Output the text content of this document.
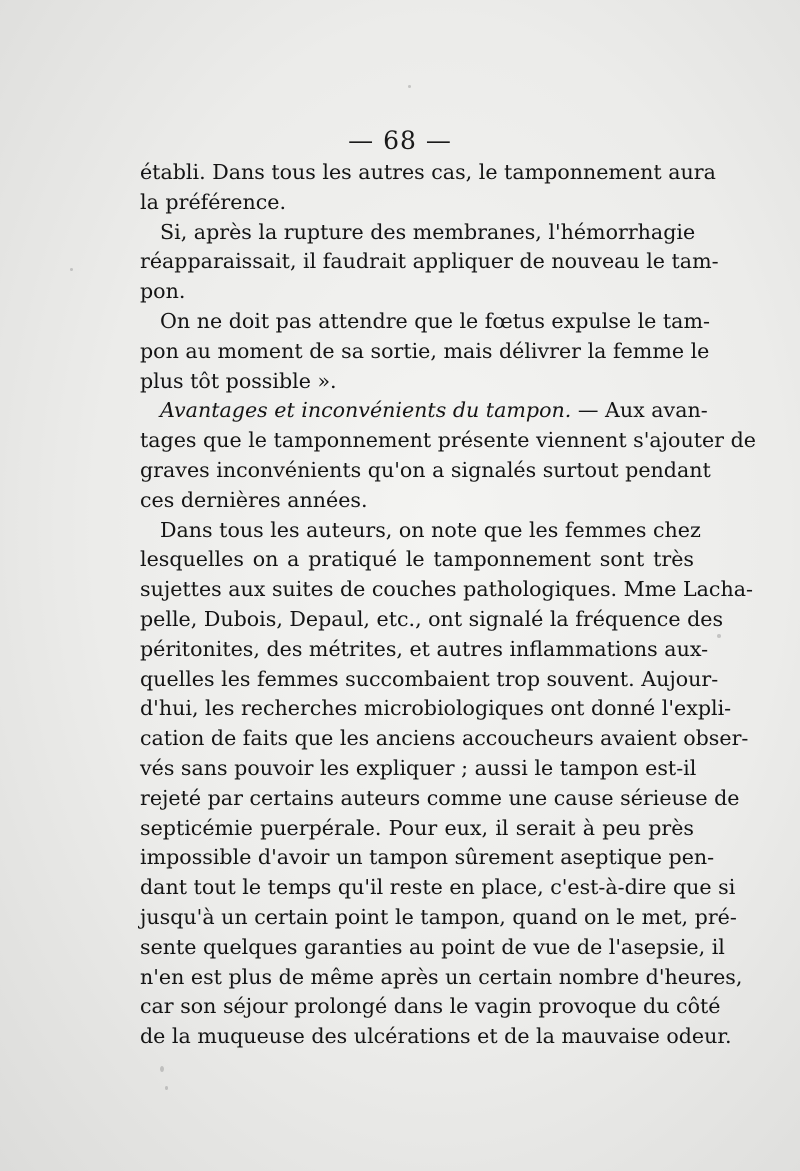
— 68 —
établi. Dans tous les autres cas, le tamponnement aura
la préférence.
Si, après la rupture des membranes, l'hémorrhagie
réapparaissait, il faudrait appliquer de nouveau le tam-
pon.
On ne doit pas attendre que le fœtus expulse le tam-
pon au moment de sa sortie, mais délivrer la femme le
plus tôt possible ».
Avantages et inconvénients du tampon. — Aux avan-
tages que le tamponnement présente viennent s'ajouter de
graves inconvénients qu'on a signalés surtout pendant
ces dernières années.
Dans tous les auteurs, on note que les femmes chez
lesquelles on a pratiqué le tamponnement sont très
sujettes aux suites de couches pathologiques. Mme Lacha-
pelle, Dubois, Depaul, etc., ont signalé la fréquence des
péritonites, des métrites, et autres inflammations aux-
quelles les femmes succombaient trop souvent. Aujour-
d'hui, les recherches microbiologiques ont donné l'expli-
cation de faits que les anciens accoucheurs avaient obser-
vés sans pouvoir les expliquer ; aussi le tampon est-il
rejeté par certains auteurs comme une cause sérieuse de
septicémie puerpérale. Pour eux, il serait à peu près
impossible d'avoir un tampon sûrement aseptique pen-
dant tout le temps qu'il reste en place, c'est-à-dire que si
jusqu'à un certain point le tampon, quand on le met, pré-
sente quelques garanties au point de vue de l'asepsie, il
n'en est plus de même après un certain nombre d'heures,
car son séjour prolongé dans le vagin provoque du côté
de la muqueuse des ulcérations et de la mauvaise odeur.
